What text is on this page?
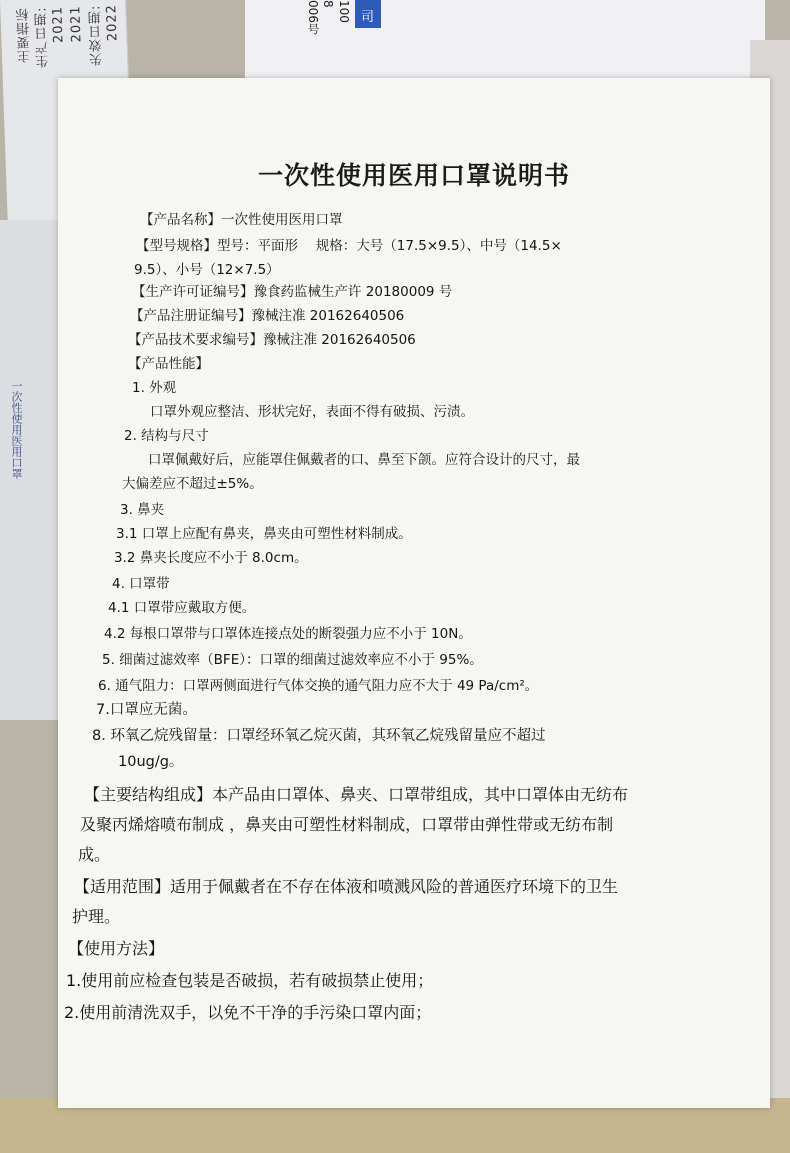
006号 8 100 司
主要指标 生产日期:
2021 2021 失效日期:
2022
一次性使用医用口罩
一次性使用医用口罩说明书
【产品名称】一次性使用医用口罩
【型号规格】型号：平面形　 规格：大号（17.5×9.5）、中号（14.5×
9.5）、小号（12×7.5）
【生产许可证编号】豫食药监械生产许 20180009 号
【产品注册证编号】豫械注准 20162640506
【产品技术要求编号】豫械注准 20162640506
【产品性能】
1. 外观
口罩外观应整洁、形状完好，表面不得有破损、污渍。
2. 结构与尺寸
口罩佩戴好后，应能罩住佩戴者的口、鼻至下颌。应符合设计的尺寸，最
大偏差应不超过±5%。
3. 鼻夹
3.1 口罩上应配有鼻夹，鼻夹由可塑性材料制成。
3.2 鼻夹长度应不小于 8.0cm。
4. 口罩带
4.1 口罩带应戴取方便。
4.2 每根口罩带与口罩体连接点处的断裂强力应不小于 10N。
5. 细菌过滤效率（BFE）：口罩的细菌过滤效率应不小于 95%。
6. 通气阻力：口罩两侧面进行气体交换的通气阻力应不大于 49 Pa/cm²。
7.口罩应无菌。
8. 环氧乙烷残留量：口罩经环氧乙烷灭菌，其环氧乙烷残留量应不超过
10ug/g。
【主要结构组成】本产品由口罩体、鼻夹、口罩带组成，其中口罩体由无纺布
及聚丙烯熔喷布制成 ，鼻夹由可塑性材料制成，口罩带由弹性带或无纺布制
成。
【适用范围】适用于佩戴者在不存在体液和喷溅风险的普通医疗环境下的卫生
护理。
【使用方法】
1.使用前应检查包装是否破损，若有破损禁止使用；
2.使用前清洗双手，以免不干净的手污染口罩内面；
